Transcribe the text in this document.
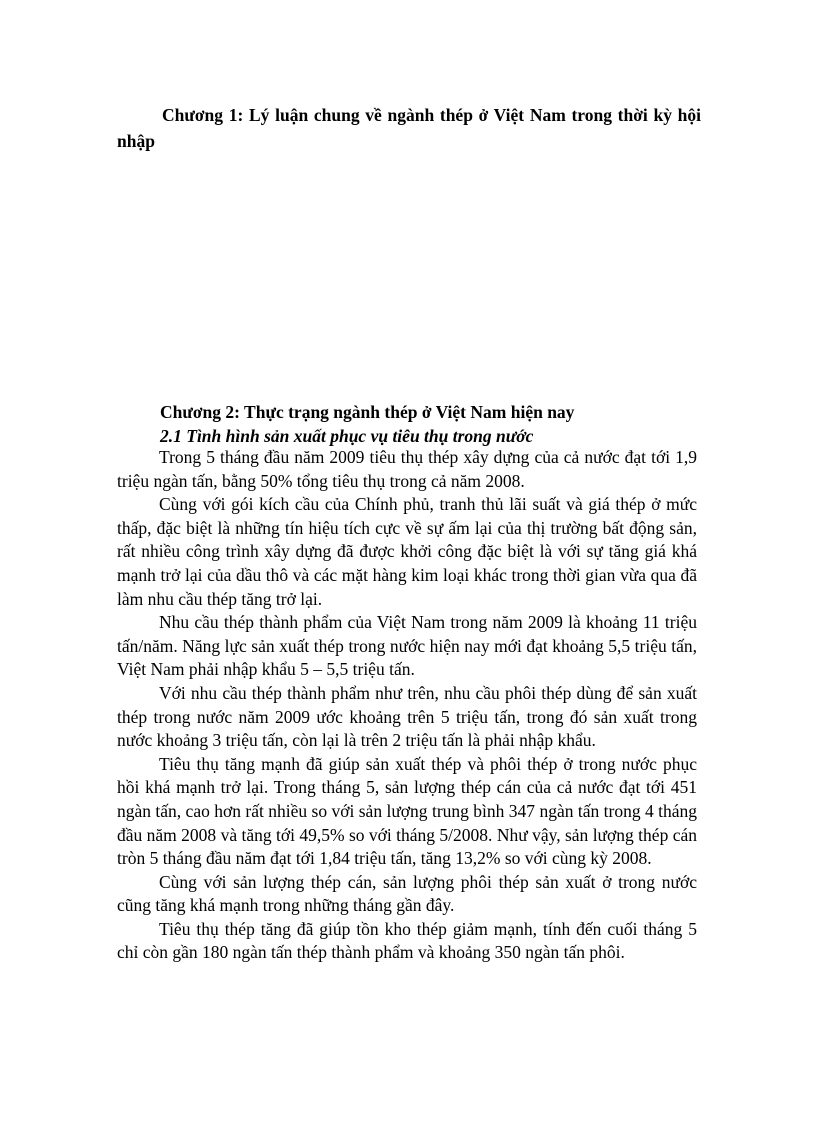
Chương 1: Lý luận chung về ngành thép ở Việt Nam trong thời kỳ hội nhập

Chương 2: Thực trạng ngành thép ở Việt Nam hiện nay

2.1 Tình hình sản xuất phục vụ tiêu thụ trong nước

Trong 5 tháng đầu năm 2009 tiêu thụ thép xây dựng của cả nước đạt tới 1,9 triệu ngàn tấn, bằng 50% tổng tiêu thụ trong cả năm 2008.

Cùng với gói kích cầu của Chính phủ, tranh thủ lãi suất và giá thép ở mức thấp, đặc biệt là những tín hiệu tích cực về sự ấm lại của thị trường bất động sản, rất nhiều công trình xây dựng đã được khởi công đặc biệt là với sự tăng giá khá mạnh trở lại của dầu thô và các mặt hàng kim loại khác trong thời gian vừa qua đã làm nhu cầu thép tăng trở lại.

Nhu cầu thép thành phẩm của Việt Nam trong năm 2009 là khoảng 11 triệu tấn/năm. Năng lực sản xuất thép trong nước hiện nay mới đạt khoảng 5,5 triệu tấn, Việt Nam phải nhập khẩu 5 – 5,5 triệu tấn.

Với nhu cầu thép thành phẩm như trên, nhu cầu phôi thép dùng để sản xuất thép trong nước năm 2009 ước khoảng trên 5 triệu tấn, trong đó sản xuất trong nước khoảng 3 triệu tấn, còn lại là trên 2 triệu tấn là phải nhập khẩu.

Tiêu thụ tăng mạnh đã giúp sản xuất thép và phôi thép ở trong nước phục hồi khá mạnh trở lại. Trong tháng 5, sản lượng thép cán của cả nước đạt tới 451 ngàn tấn, cao hơn rất nhiều so với sản lượng trung bình 347 ngàn tấn trong 4 tháng đầu năm 2008 và tăng tới 49,5% so với tháng 5/2008. Như vậy, sản lượng thép cán tròn 5 tháng đầu năm đạt tới 1,84 triệu tấn, tăng 13,2% so với cùng kỳ 2008.

Cùng với sản lượng thép cán, sản lượng phôi thép sản xuất ở trong nước cũng tăng khá mạnh trong những tháng gần đây.

Tiêu thụ thép tăng đã giúp tồn kho thép giảm mạnh, tính đến cuối tháng 5 chỉ còn gần 180 ngàn tấn thép thành phẩm và khoảng 350 ngàn tấn phôi.
